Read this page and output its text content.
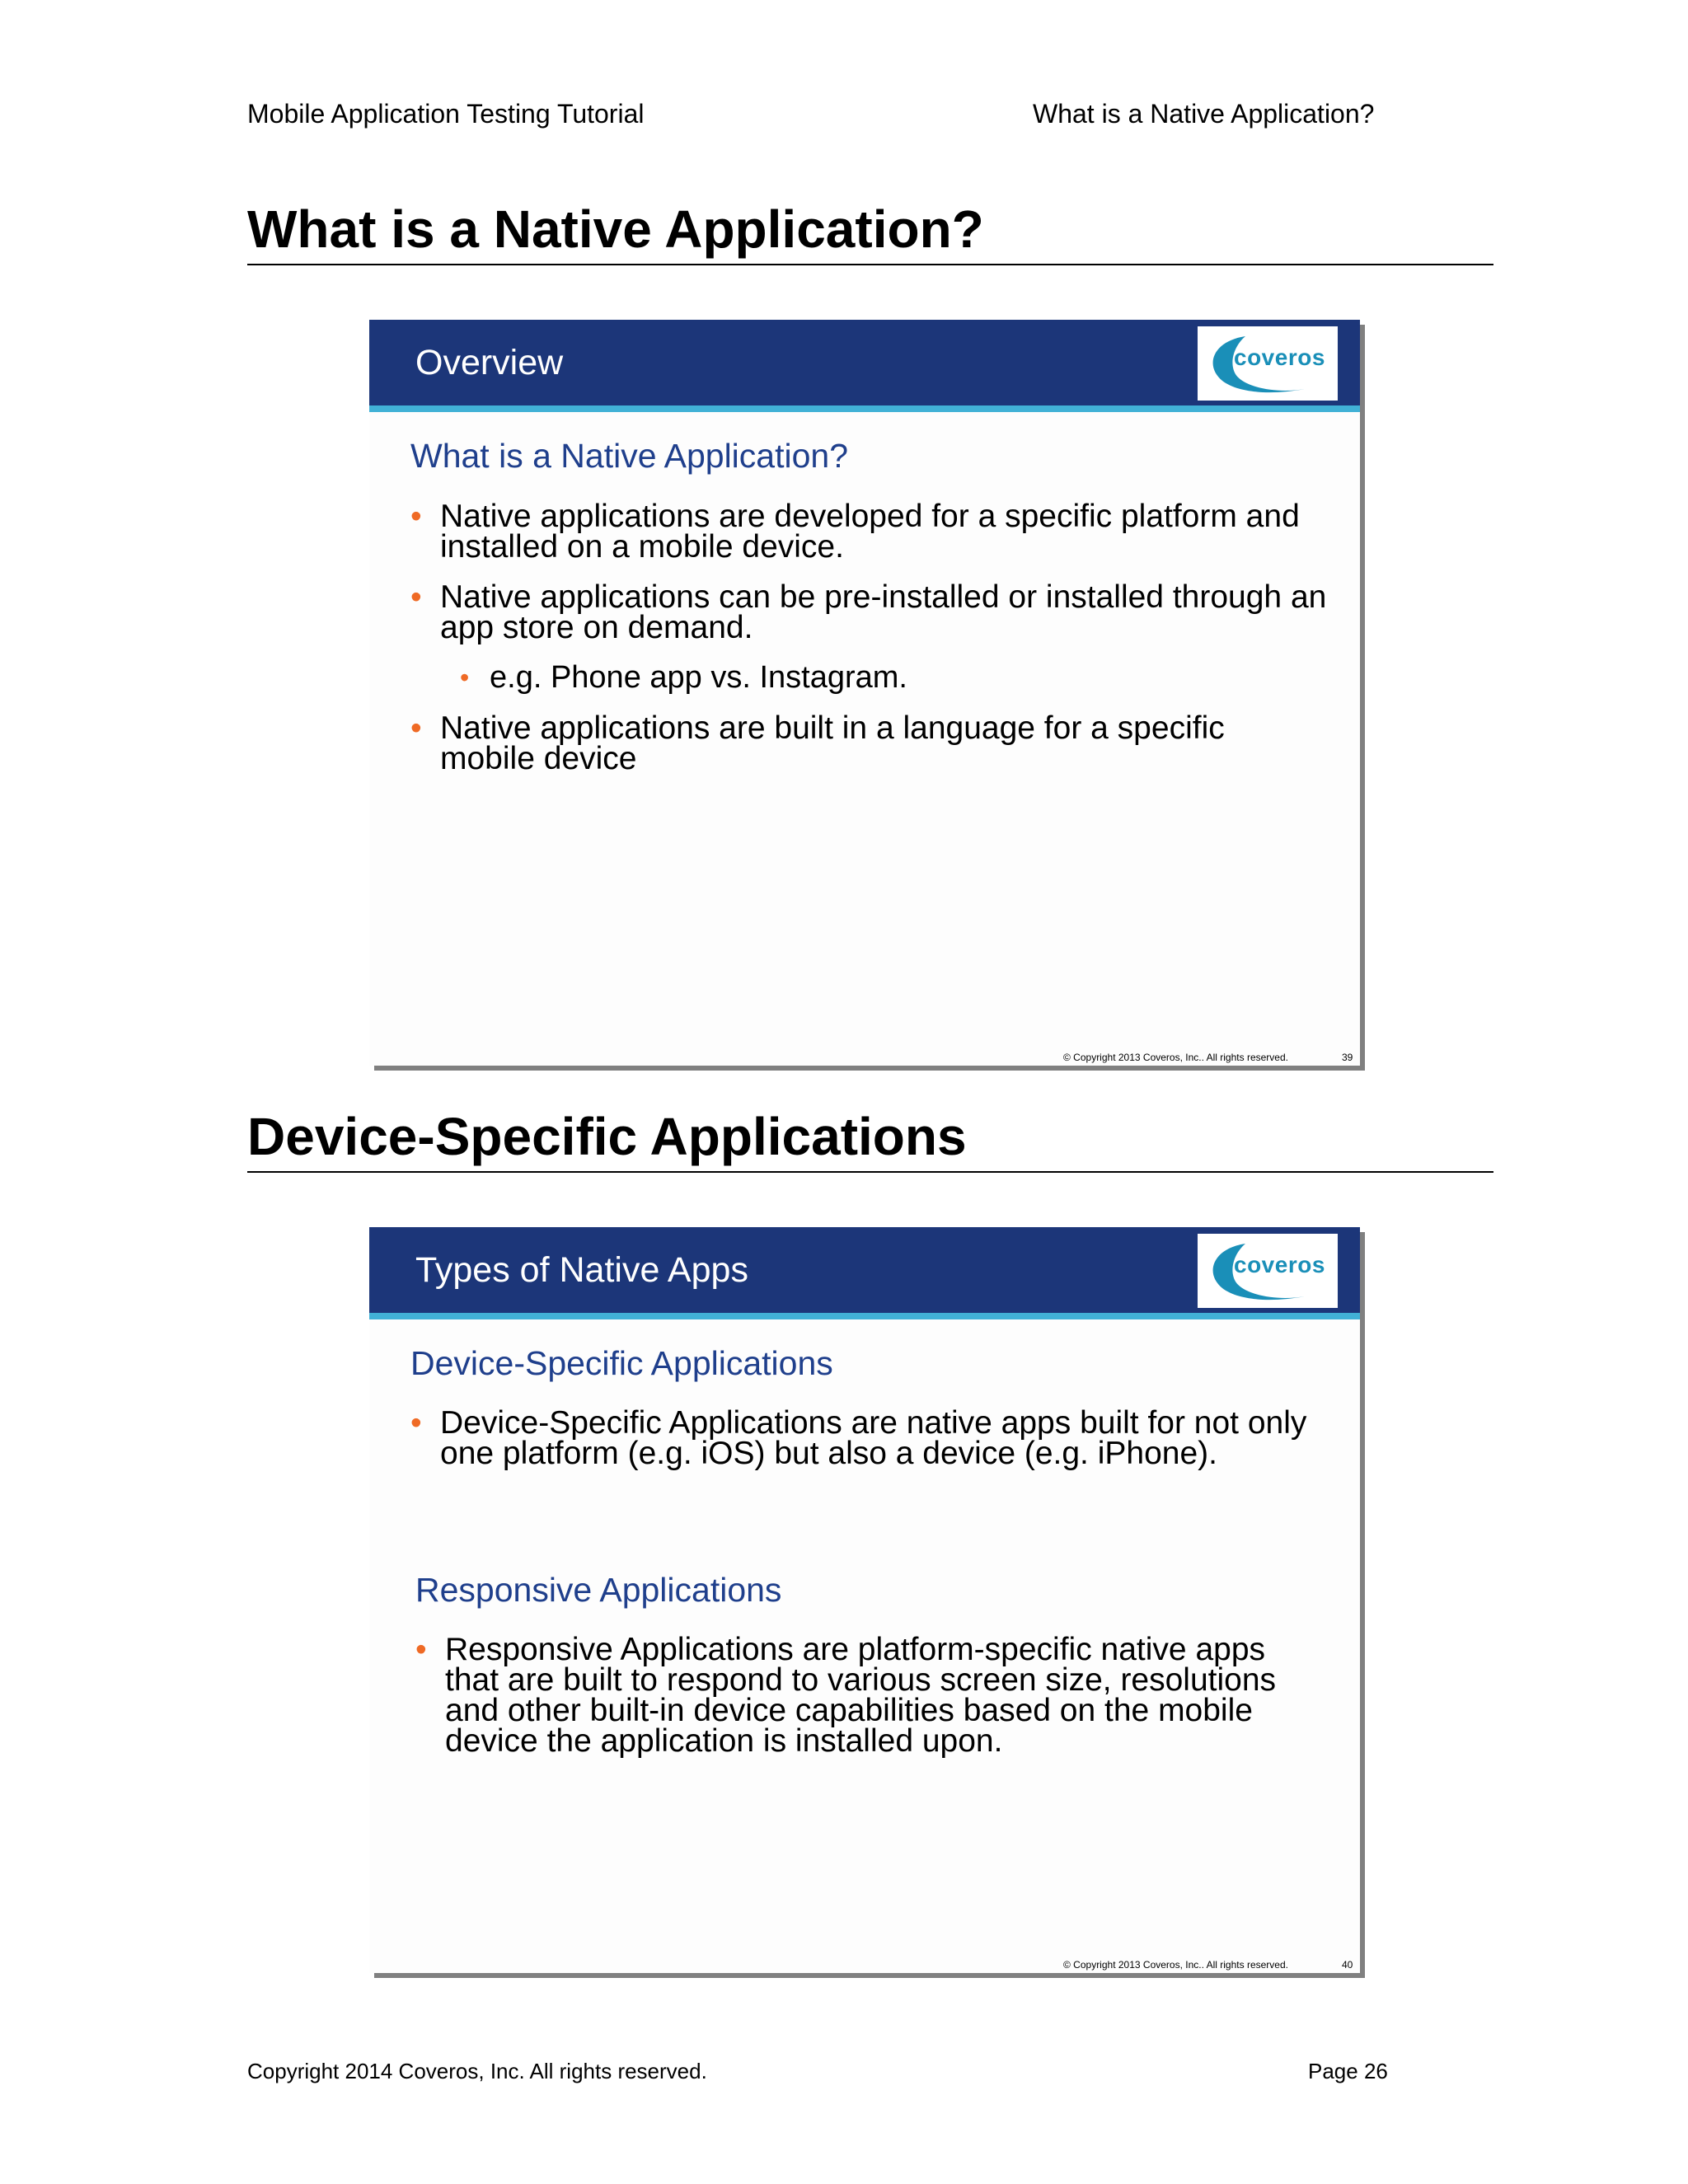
Mobile Application Testing Tutorial	What is a Native Application?
What is a Native Application?
Overview	coveros
What is a Native Application?
• Native applications are developed for a specific platform and installed on a mobile device.
• Native applications can be pre-installed or installed through an app store on demand.
• e.g. Phone app vs. Instagram.
• Native applications are built in a language for a specific mobile device
© Copyright 2013 Coveros, Inc.. All rights reserved.	39
Device-Specific Applications
Types of Native Apps	coveros
Device-Specific Applications
• Device-Specific Applications are native apps built for not only one platform (e.g. iOS) but also a device (e.g. iPhone).
Responsive Applications
• Responsive Applications are platform-specific native apps that are built to respond to various screen size, resolutions and other built-in device capabilities based on the mobile device the application is installed upon.
© Copyright 2013 Coveros, Inc.. All rights reserved.	40
Copyright 2014 Coveros, Inc. All rights reserved.	Page 26
